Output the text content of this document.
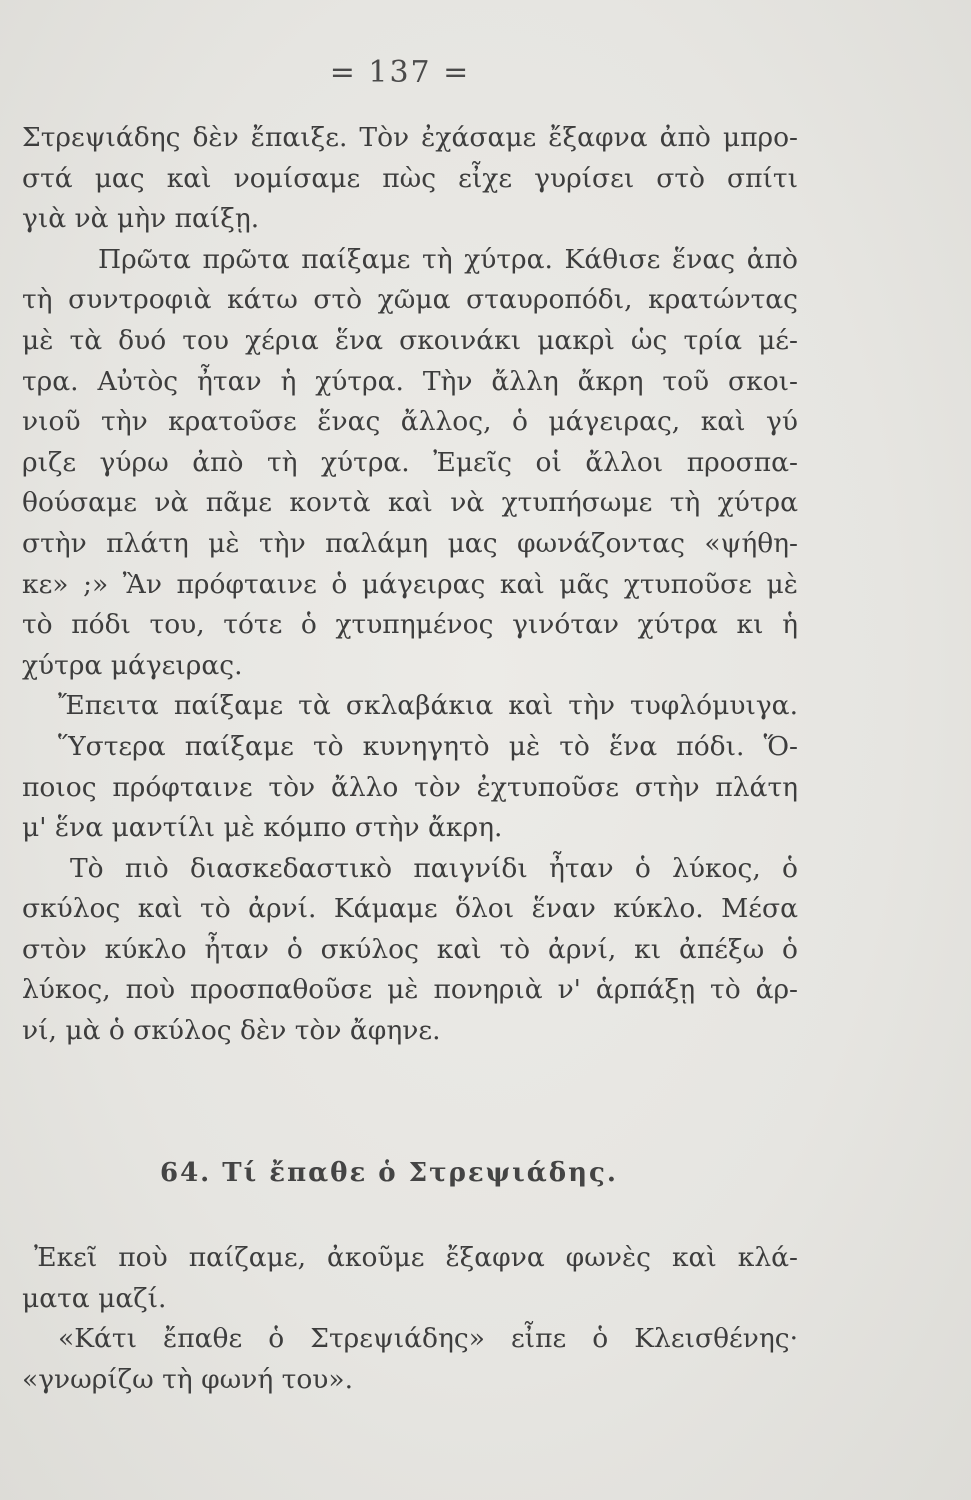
= 137 =
Στρεψιάδης δὲν ἔπαιξε. Τὸν ἐχάσαμε ἔξαφνα ἀπὸ μπρο-
στά μας καὶ νομίσαμε πὼς εἶχε γυρίσει στὸ σπίτι
γιὰ νὰ μὴν παίξῃ.
Πρῶτα πρῶτα παίξαμε τὴ χύτρα. Κάθισε ἕνας ἀπὸ
τὴ συντροφιὰ κάτω στὸ χῶμα σταυροπόδι, κρατώντας
μὲ τὰ δυό του χέρια ἕνα σκοινάκι μακρὶ ὡς τρία μέ-
τρα. Αὐτὸς ἦταν ἡ χύτρα. Τὴν ἄλλη ἄκρη τοῦ σκοι-
νιοῦ τὴν κρατοῦσε ἕνας ἄλλος, ὁ μάγειρας, καὶ γύ
ριζε γύρω ἀπὸ τὴ χύτρα. Ἐμεῖς οἱ ἄλλοι προσπα-
θούσαμε νὰ πᾶμε κοντὰ καὶ νὰ χτυπήσωμε τὴ χύτρα
στὴν πλάτη μὲ τὴν παλάμη μας φωνάζοντας «ψήθη-
κε» ;» Ἂν πρόφταινε ὁ μάγειρας καὶ μᾶς χτυποῦσε μὲ
τὸ πόδι του, τότε ὁ χτυπημένος γινόταν χύτρα κι ἡ
χύτρα μάγειρας.
Ἔπειτα παίξαμε τὰ σκλαβάκια καὶ τὴν τυφλόμυιγα.
Ὕστερα παίξαμε τὸ κυνηγητὸ μὲ τὸ ἕνα πόδι. Ὅ-
ποιος πρόφταινε τὸν ἄλλο τὸν ἐχτυποῦσε στὴν πλάτη
μ' ἕνα μαντίλι μὲ κόμπο στὴν ἄκρη.
Τὸ πιὸ διασκεδαστικὸ παιγνίδι ἦταν ὁ λύκος, ὁ
σκύλος καὶ τὸ ἀρνί. Κάμαμε ὅλοι ἕναν κύκλο. Μέσα
στὸν κύκλο ἦταν ὁ σκύλος καὶ τὸ ἀρνί, κι ἀπέξω ὁ
λύκος, ποὺ προσπαθοῦσε μὲ πονηριὰ ν' ἁρπάξῃ τὸ ἀρ-
νί, μὰ ὁ σκύλος δὲν τὸν ἄφηνε.
64. Τί ἔπαθε ὁ Στρεψιάδης.
Ἐκεῖ ποὺ παίζαμε, ἀκοῦμε ἔξαφνα φωνὲς καὶ κλά-
ματα μαζί.
«Κάτι ἔπαθε ὁ Στρεψιάδης» εἶπε ὁ Κλεισθένης·
«γνωρίζω τὴ φωνή του».
